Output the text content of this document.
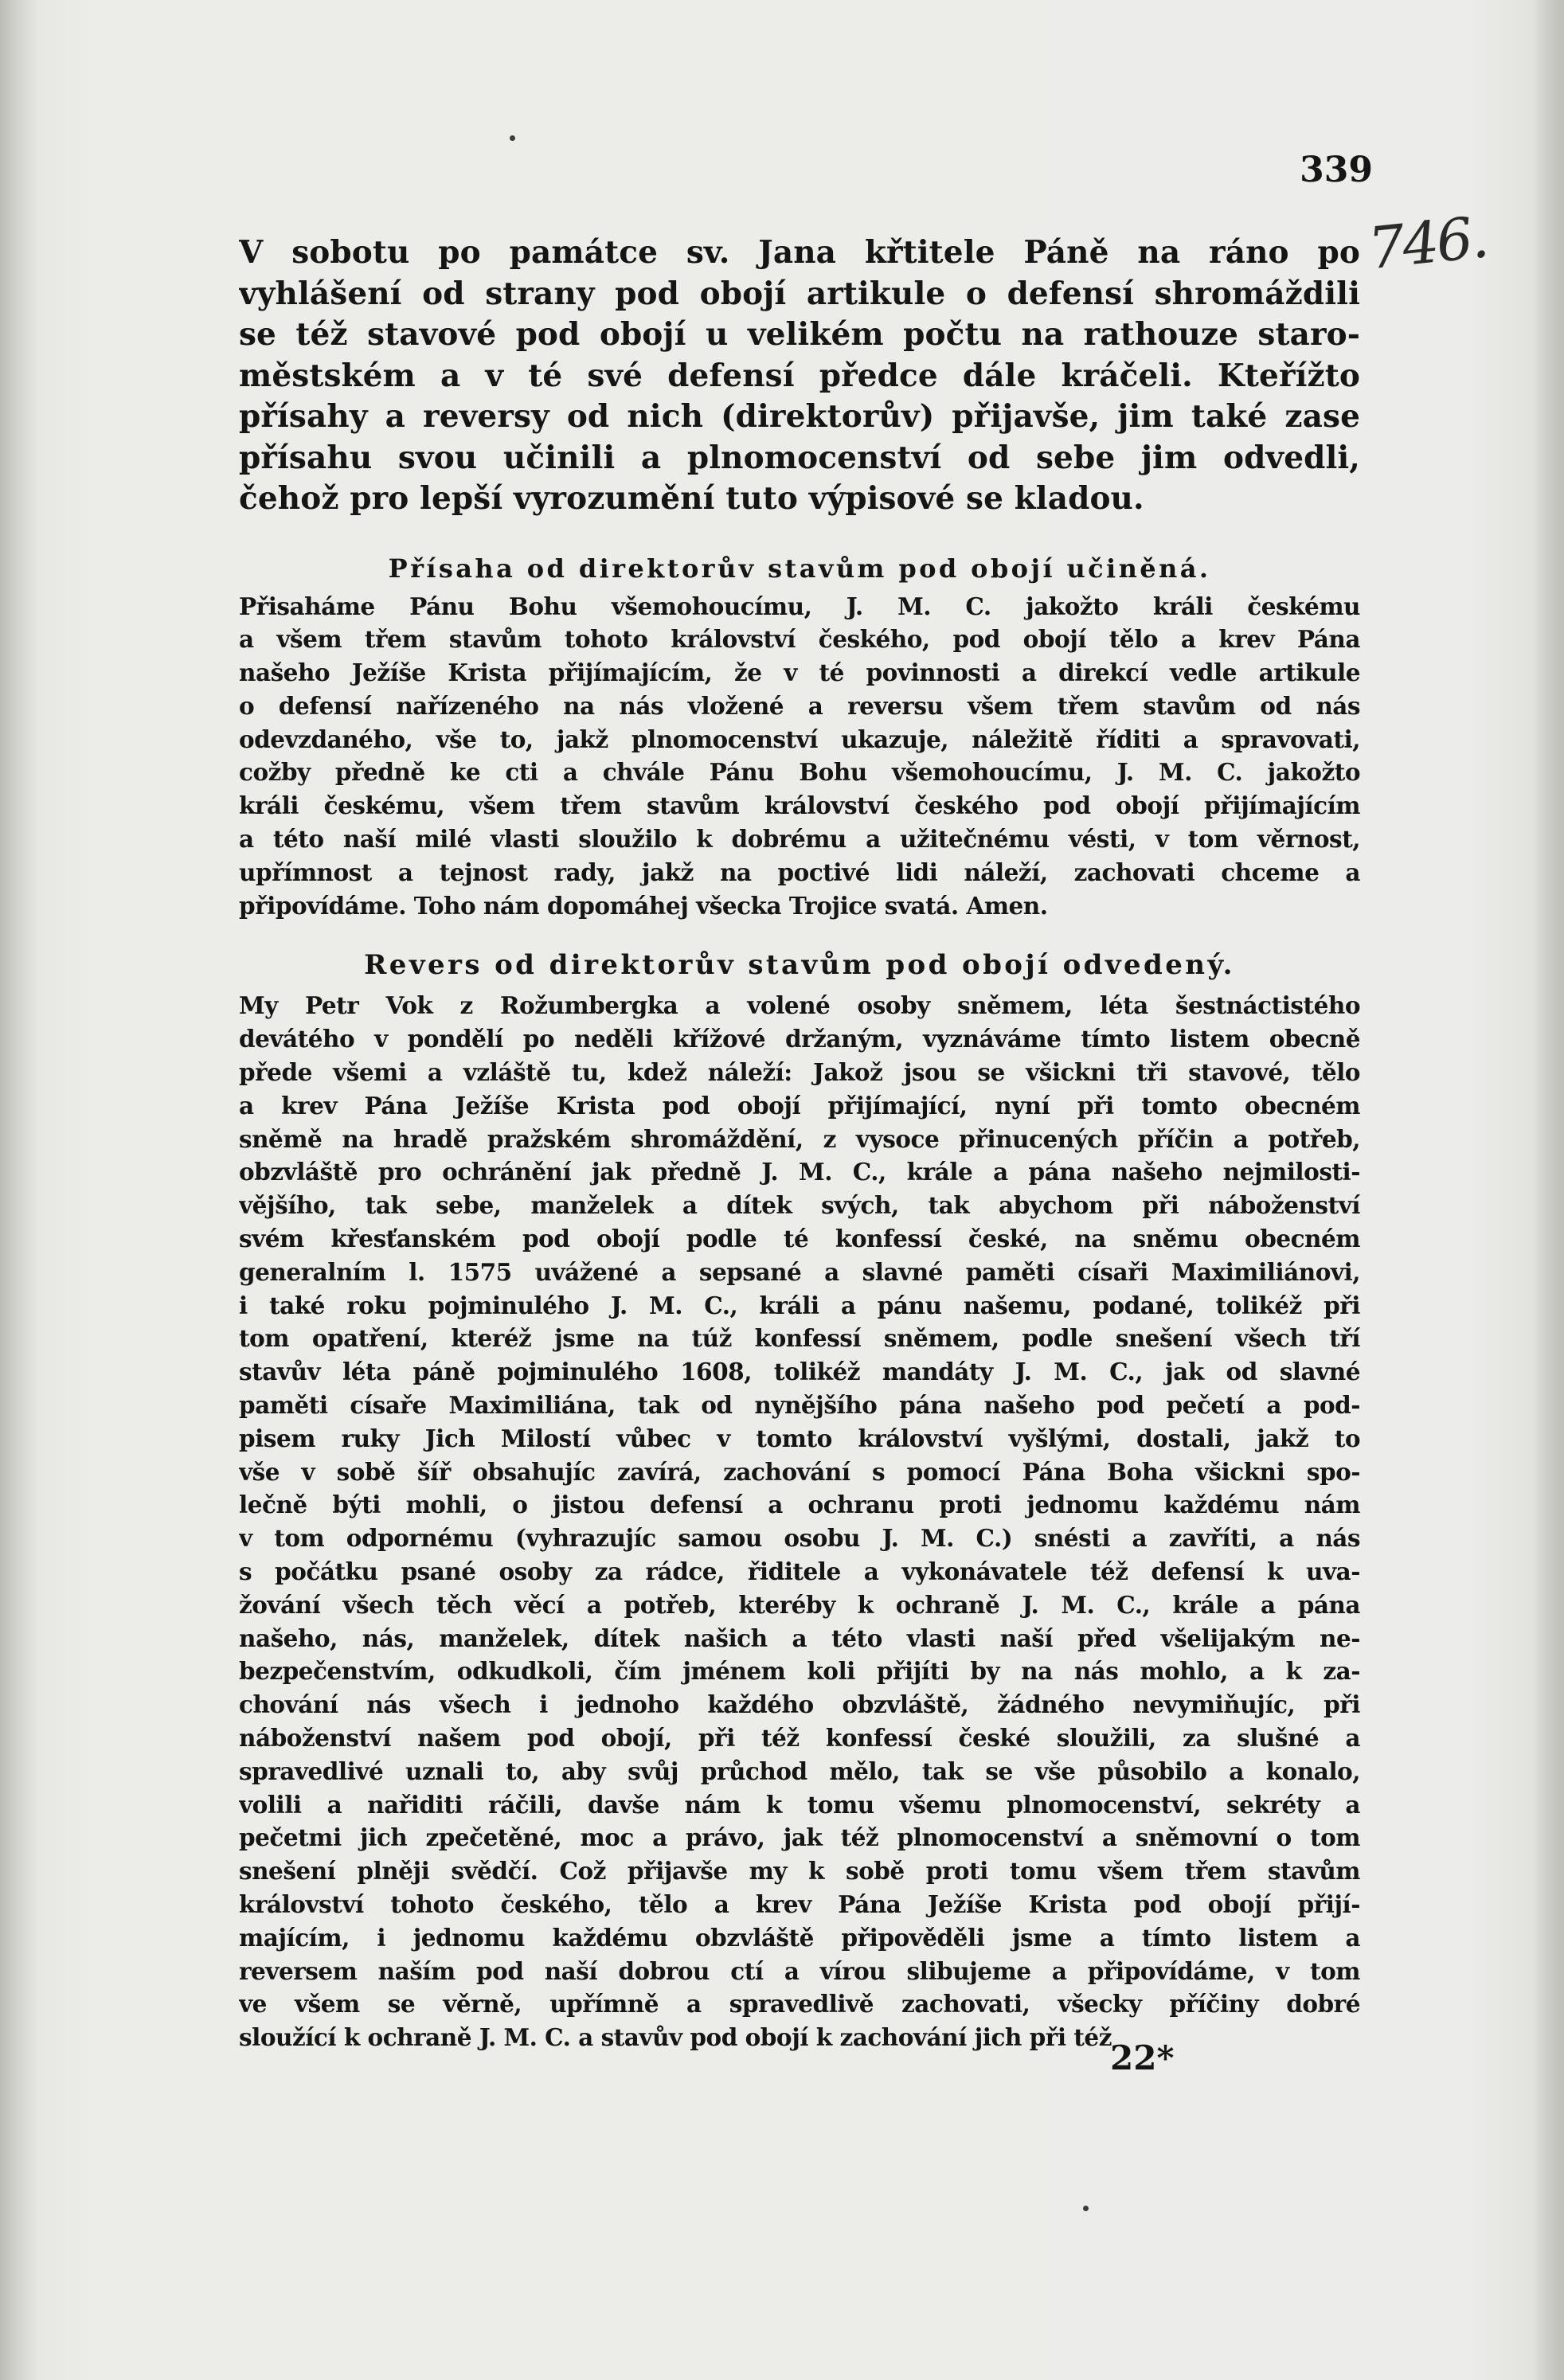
339
746.

V sobotu po památce sv. Jana křtitele Páně na ráno po

vyhlášení od strany pod obojí artikule o defensí shromáždili

se též stavové pod obojí u velikém počtu na rathouze staro-

městském a v té své defensí předce dále kráčeli. Kteřížto

přísahy a reversy od nich (direktorův) přijavše, jim také zase

přísahu svou učinili a plnomocenství od sebe jim odvedli,

čehož pro lepší vyrozumění tuto výpisové se kladou.

Přísaha od direktorův stavům pod obojí učiněná.

Přisaháme Pánu Bohu všemohoucímu, J. M. C. jakožto králi českému

a všem třem stavům tohoto království českého, pod obojí tělo a krev Pána

našeho Ježíše Krista přijímajícím, že v té povinnosti a direkcí vedle artikule

o defensí nařízeného na nás vložené a reversu všem třem stavům od nás

odevzdaného, vše to, jakž plnomocenství ukazuje, náležitě říditi a spravovati,

cožby předně ke cti a chvále Pánu Bohu všemohoucímu, J. M. C. jakožto

králi českému, všem třem stavům království českého pod obojí přijímajícím

a této naší milé vlasti sloužilo k dobrému a užitečnému vésti, v tom věrnost,

upřímnost a tejnost rady, jakž na poctivé lidi náleží, zachovati chceme a

připovídáme. Toho nám dopomáhej všecka Trojice svatá. Amen.

Revers od direktorův stavům pod obojí odvedený.

My Petr Vok z Rožumbergka a volené osoby sněmem, léta šestnáctistého

devátého v pondělí po neděli křížové držaným, vyznáváme tímto listem obecně

přede všemi a vzláště tu, kdež náleží: Jakož jsou se všickni tři stavové, tělo

a krev Pána Ježíše Krista pod obojí přijímající, nyní při tomto obecném

sněmě na hradě pražském shromáždění, z vysoce přinucených příčin a potřeb,

obzvláště pro ochránění jak předně J. M. C., krále a pána našeho nejmilosti-

vějšího, tak sebe, manželek a dítek svých, tak abychom při náboženství

svém křesťanském pod obojí podle té konfessí české, na sněmu obecném

generalním l. 1575 uvážené a sepsané a slavné paměti císaři Maximiliánovi,

i také roku pojminulého J. M. C., králi a pánu našemu, podané, tolikéž při

tom opatření, kteréž jsme na túž konfessí sněmem, podle snešení všech tří

stavův léta páně pojminulého 1608, tolikéž mandáty J. M. C., jak od slavné

paměti císaře Maximiliána, tak od nynějšího pána našeho pod pečetí a pod-

pisem ruky Jich Milostí vůbec v tomto království vyšlými, dostali, jakž to

vše v sobě šíř obsahujíc zavírá, zachování s pomocí Pána Boha všickni spo-

lečně býti mohli, o jistou defensí a ochranu proti jednomu každému nám

v tom odpornému (vyhrazujíc samou osobu J. M. C.) snésti a zavříti, a nás

s počátku psané osoby za rádce, řiditele a vykonávatele též defensí k uva-

žování všech těch věcí a potřeb, kteréby k ochraně J. M. C., krále a pána

našeho, nás, manželek, dítek našich a této vlasti naší před všelijakým ne-

bezpečenstvím, odkudkoli, čím jménem koli přijíti by na nás mohlo, a k za-

chování nás všech i jednoho každého obzvláště, žádného nevymiňujíc, při

náboženství našem pod obojí, při též konfessí české sloužili, za slušné a

spravedlivé uznali to, aby svůj průchod mělo, tak se vše působilo a konalo,

volili a nařiditi ráčili, davše nám k tomu všemu plnomocenství, sekréty a

pečetmi jich zpečetěné, moc a právo, jak též plnomocenství a sněmovní o tom

snešení plněji svědčí. Což přijavše my k sobě proti tomu všem třem stavům

království tohoto českého, tělo a krev Pána Ježíše Krista pod obojí přijí-

majícím, i jednomu každému obzvláště připověděli jsme a tímto listem a

reversem naším pod naší dobrou ctí a vírou slibujeme a připovídáme, v tom

ve všem se věrně, upřímně a spravedlivě zachovati, všecky příčiny dobré

sloužící k ochraně J. M. C. a stavův pod obojí k zachování jich při též

22*
